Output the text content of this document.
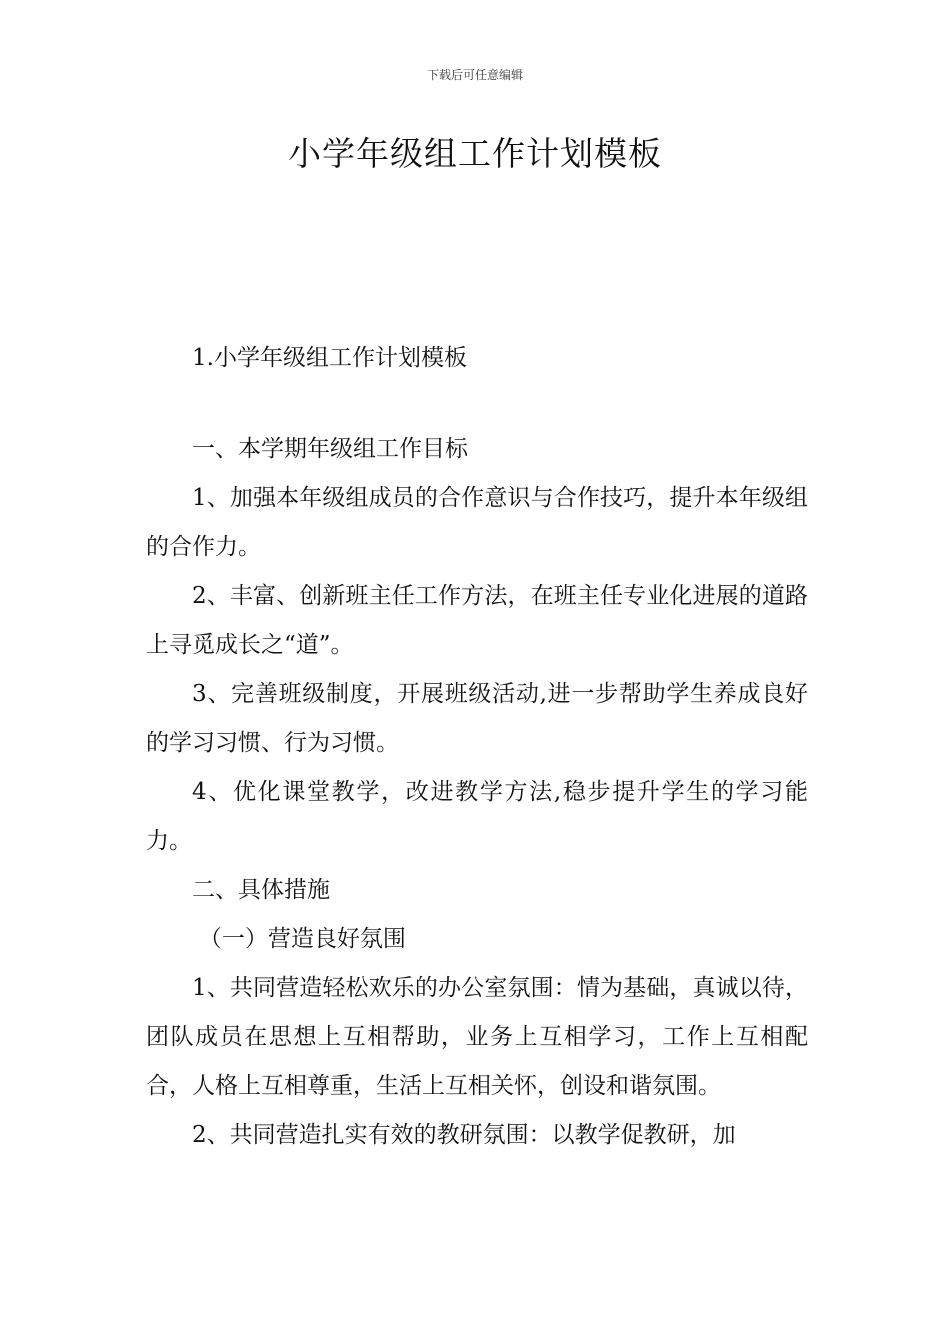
下载后可任意编辑
小学年级组工作计划模板

1.小学年级组工作计划模板

一、本学期年级组工作目标

1、加强本年级组成员的合作意识与合作技巧，提升本年级组的合作力。

2、丰富、创新班主任工作方法，在班主任专业化进展的道路上寻觅成长之“道”。

3、完善班级制度，开展班级活动,进一步帮助学生养成良好的学习习惯、行为习惯。

4、优化课堂教学，改进教学方法,稳步提升学生的学习能力。

二、具体措施

（一）营造良好氛围

1、共同营造轻松欢乐的办公室氛围：情为基础，真诚以待，团队成员在思想上互相帮助，业务上互相学习，工作上互相配合，人格上互相尊重，生活上互相关怀，创设和谐氛围。

2、共同营造扎实有效的教研氛围：以教学促教研，加
